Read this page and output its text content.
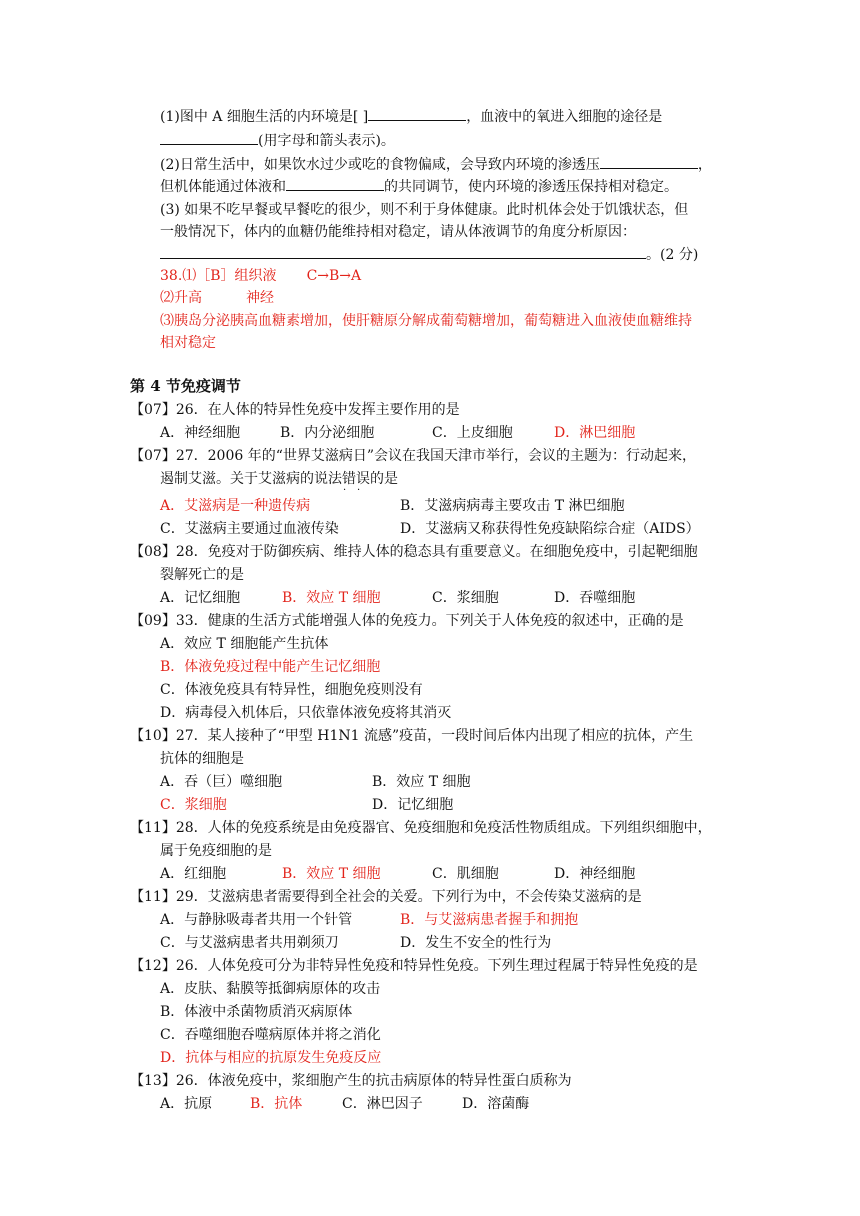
(1)图中 A 细胞生活的内环境是[ ]	，血液中的氧进入细胞的途径是
(用字母和箭头表示)。
(2)日常生活中，如果饮水过少或吃的食物偏咸，会导致内环境的渗透压	，
但机体能通过体液和	的共同调节，使内环境的渗透压保持相对稳定。
(3) 如果不吃早餐或早餐吃的很少，则不利于身体健康。此时机体会处于饥饿状态，但
一般情况下，体内的血糖仍能维持相对稳定，请从体液调节的角度分析原因：
。(2 分)
38.⑴［B］组织液 C→B→A
⑵升高	神经
⑶胰岛分泌胰高血糖素增加，使肝糖原分解成葡萄糖增加，葡萄糖进入血液使血糖维持
相对稳定
第 4 节免疫调节
【07】26．在人体的特异性免疫中发挥主要作用的是
A．神经细胞	B．内分泌细胞	C．上皮细胞	D．淋巴细胞
【07】27．2006 年的“世界艾滋病日”会议在我国天津市举行，会议的主题为：行动起来，
遏制艾滋。关于艾滋病的说法错误的是
· ·
A．艾滋病是一种遗传病	B．艾滋病病毒主要攻击 T 淋巴细胞
C．艾滋病主要通过血液传染	D．艾滋病又称获得性免疫缺陷综合症（AIDS）
【08】28．免疫对于防御疾病、维持人体的稳态具有重要意义。在细胞免疫中，引起靶细胞
裂解死亡的是
A．记忆细胞	B．效应 T 细胞	C．浆细胞	D．吞噬细胞
【09】33．健康的生活方式能增强人体的免疫力。下列关于人体免疫的叙述中，正确的是
A．效应 T 细胞能产生抗体
B．体液免疫过程中能产生记忆细胞
C．体液免疫具有特异性，细胞免疫则没有
D．病毒侵入机体后，只依靠体液免疫将其消灭
【10】27．某人接种了“甲型 H1N1 流感”疫苗，一段时间后体内出现了相应的抗体，产生
抗体的细胞是
A．吞（巨）噬细胞	B．效应 T 细胞
C．浆细胞	D．记忆细胞
【11】28．人体的免疫系统是由免疫器官、免疫细胞和免疫活性物质组成。下列组织细胞中，
属于免疫细胞的是
A．红细胞	B．效应 T 细胞	C．肌细胞	D．神经细胞
【11】29．艾滋病患者需要得到全社会的关爱。下列行为中，不会传染艾滋病的是
A．与静脉吸毒者共用一个针管	B．与艾滋病患者握手和拥抱
C．与艾滋病患者共用剃须刀	D．发生不安全的性行为
【12】26．人体免疫可分为非特异性免疫和特异性免疫。下列生理过程属于特异性免疫的是
A．皮肤、黏膜等抵御病原体的攻击
B．体液中杀菌物质消灭病原体
C．吞噬细胞吞噬病原体并将之消化
D．抗体与相应的抗原发生免疫反应
【13】26．体液免疫中，浆细胞产生的抗击病原体的特异性蛋白质称为
A．抗原	B．抗体	C．淋巴因子	D．溶菌酶
